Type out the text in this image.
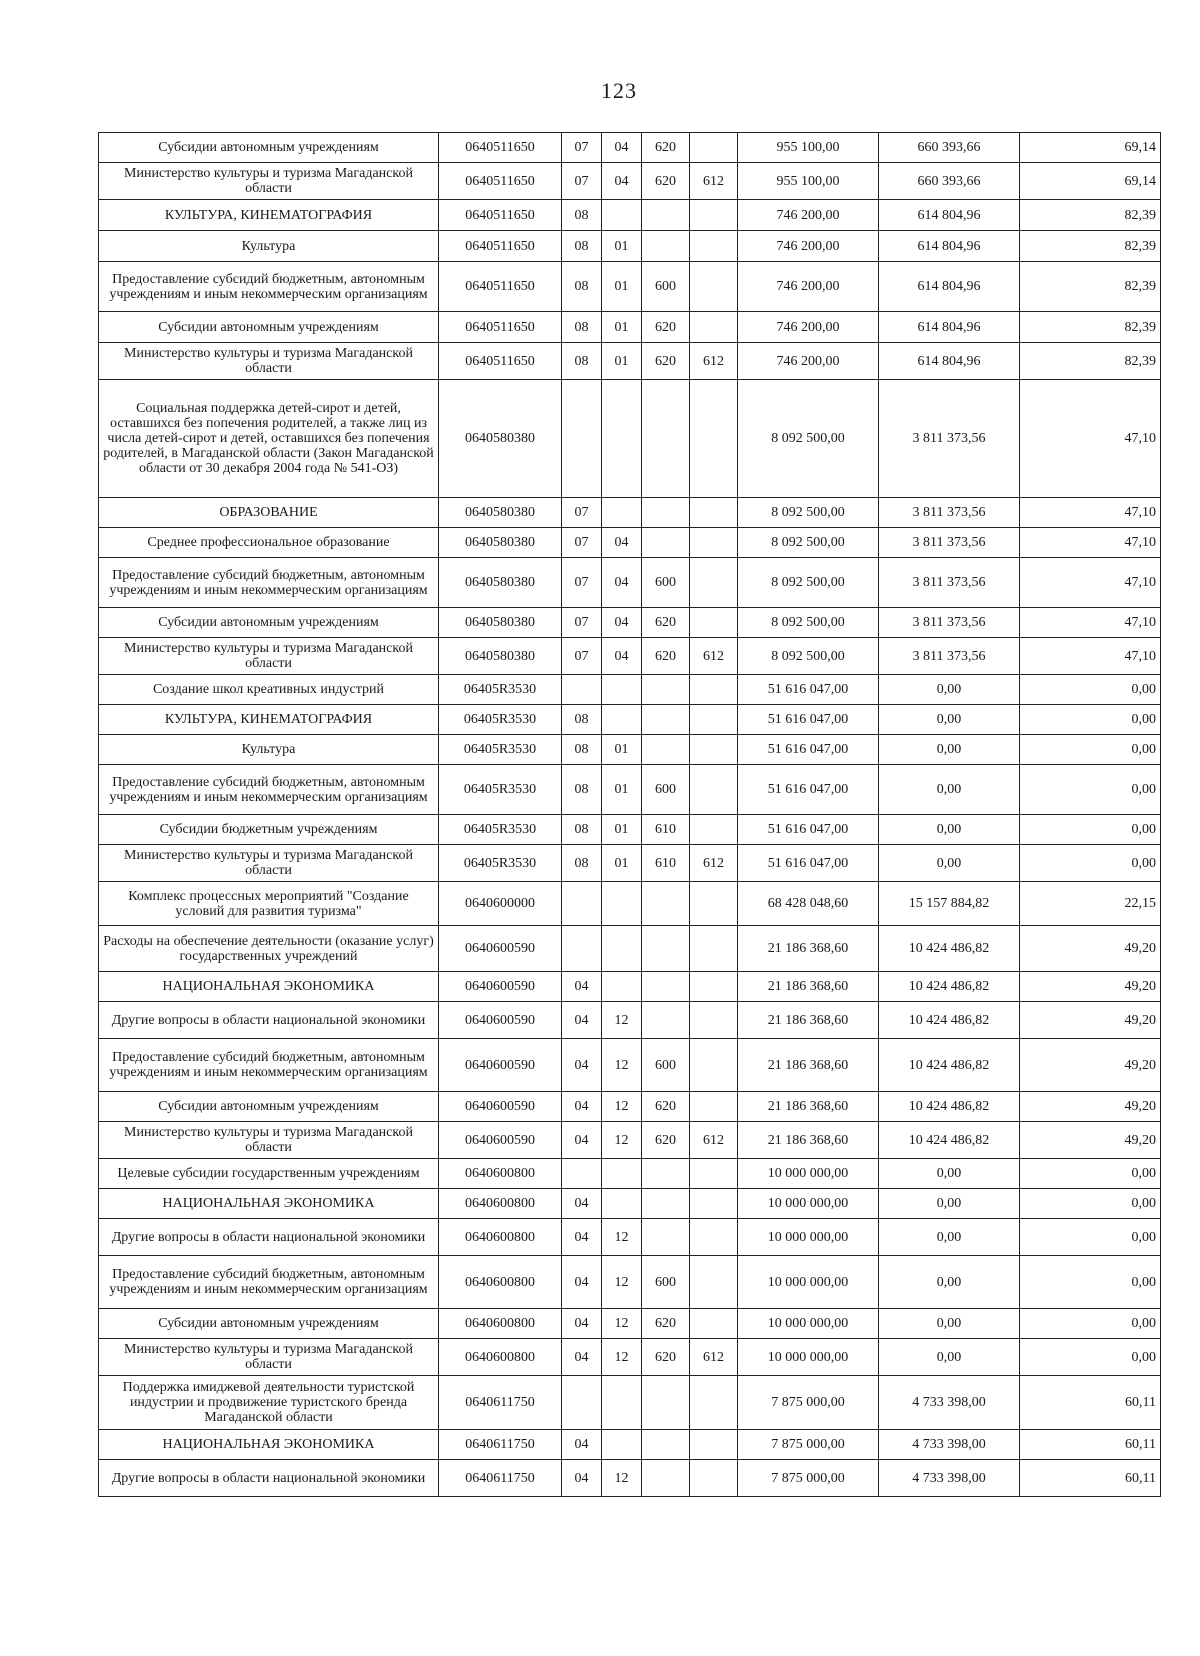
123
Субсидии автономным учреждениям	0640511650	07	04	620		955 100,00	660 393,66	69,14
Министерство культуры и туризма Магаданской области	0640511650	07	04	620	612	955 100,00	660 393,66	69,14
КУЛЬТУРА, КИНЕМАТОГРАФИЯ	0640511650	08				746 200,00	614 804,96	82,39
Культура	0640511650	08	01			746 200,00	614 804,96	82,39
Предоставление субсидий бюджетным, автономным учреждениям и иным некоммерческим организациям	0640511650	08	01	600		746 200,00	614 804,96	82,39
Субсидии автономным учреждениям	0640511650	08	01	620		746 200,00	614 804,96	82,39
Министерство культуры и туризма Магаданской области	0640511650	08	01	620	612	746 200,00	614 804,96	82,39
Социальная поддержка детей-сирот и детей, оставшихся без попечения родителей, а также лиц из числа детей-сирот и детей, оставшихся без попечения родителей, в Магаданской области (Закон Магаданской области от 30 декабря 2004 года № 541-ОЗ)	0640580380					8 092 500,00	3 811 373,56	47,10
ОБРАЗОВАНИЕ	0640580380	07				8 092 500,00	3 811 373,56	47,10
Среднее профессиональное образование	0640580380	07	04			8 092 500,00	3 811 373,56	47,10
Предоставление субсидий бюджетным, автономным учреждениям и иным некоммерческим организациям	0640580380	07	04	600		8 092 500,00	3 811 373,56	47,10
Субсидии автономным учреждениям	0640580380	07	04	620		8 092 500,00	3 811 373,56	47,10
Министерство культуры и туризма Магаданской области	0640580380	07	04	620	612	8 092 500,00	3 811 373,56	47,10
Создание школ креативных индустрий	06405R3530					51 616 047,00	0,00	0,00
КУЛЬТУРА, КИНЕМАТОГРАФИЯ	06405R3530	08				51 616 047,00	0,00	0,00
Культура	06405R3530	08	01			51 616 047,00	0,00	0,00
Предоставление субсидий бюджетным, автономным учреждениям и иным некоммерческим организациям	06405R3530	08	01	600		51 616 047,00	0,00	0,00
Субсидии бюджетным учреждениям	06405R3530	08	01	610		51 616 047,00	0,00	0,00
Министерство культуры и туризма Магаданской области	06405R3530	08	01	610	612	51 616 047,00	0,00	0,00
Комплекс процессных мероприятий "Создание условий для развития туризма"	0640600000					68 428 048,60	15 157 884,82	22,15
Расходы на обеспечение деятельности (оказание услуг) государственных учреждений	0640600590					21 186 368,60	10 424 486,82	49,20
НАЦИОНАЛЬНАЯ ЭКОНОМИКА	0640600590	04				21 186 368,60	10 424 486,82	49,20
Другие вопросы в области национальной экономики	0640600590	04	12			21 186 368,60	10 424 486,82	49,20
Предоставление субсидий бюджетным, автономным учреждениям и иным некоммерческим организациям	0640600590	04	12	600		21 186 368,60	10 424 486,82	49,20
Субсидии автономным учреждениям	0640600590	04	12	620		21 186 368,60	10 424 486,82	49,20
Министерство культуры и туризма Магаданской области	0640600590	04	12	620	612	21 186 368,60	10 424 486,82	49,20
Целевые субсидии государственным учреждениям	0640600800					10 000 000,00	0,00	0,00
НАЦИОНАЛЬНАЯ ЭКОНОМИКА	0640600800	04				10 000 000,00	0,00	0,00
Другие вопросы в области национальной экономики	0640600800	04	12			10 000 000,00	0,00	0,00
Предоставление субсидий бюджетным, автономным учреждениям и иным некоммерческим организациям	0640600800	04	12	600		10 000 000,00	0,00	0,00
Субсидии автономным учреждениям	0640600800	04	12	620		10 000 000,00	0,00	0,00
Министерство культуры и туризма Магаданской области	0640600800	04	12	620	612	10 000 000,00	0,00	0,00
Поддержка имиджевой деятельности туристской индустрии и продвижение туристского бренда Магаданской области	0640611750					7 875 000,00	4 733 398,00	60,11
НАЦИОНАЛЬНАЯ ЭКОНОМИКА	0640611750	04				7 875 000,00	4 733 398,00	60,11
Другие вопросы в области национальной экономики	0640611750	04	12			7 875 000,00	4 733 398,00	60,11
